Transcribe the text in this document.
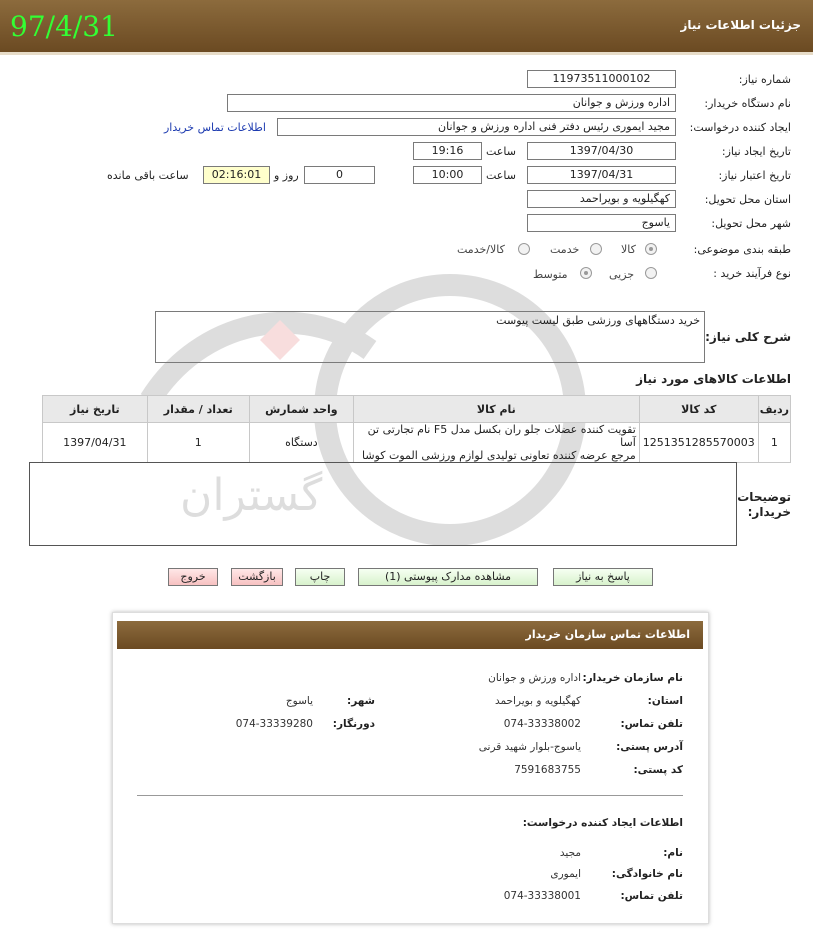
جزئیات اطلاعات نیاز
97/4/31
گستران
شماره نیاز:
11973511000102
نام دستگاه خریدار:
اداره ورزش و جوانان
ایجاد کننده درخواست:
مجید ایموری رئیس دفتر فنی اداره ورزش و جوانان
اطلاعات تماس خریدار
تاریخ ایجاد نیاز:
1397/04/30
ساعت
19:16
تاریخ اعتبار نیاز:
1397/04/31
ساعت
10:00
0
روز و
02:16:01
ساعت باقی مانده
استان محل تحویل:
کهگیلویه و بویراحمد
شهر محل تحویل:
یاسوج
طبقه بندی موضوعی:
کالا
خدمت
کالا/خدمت
نوع فرآیند خرید :
جزیی
متوسط
شرح کلی نیاز:
خرید دستگاههای ورزشی طبق لیست پیوست
اطلاعات کالاهای مورد نیاز
ردیف	کد کالا	نام کالا	واحد شمارش	تعداد / مقدار	تاریخ نیاز
1	1251351285570003	تقویت کننده عضلات جلو ران بکسل مدل F5 نام تجارتی تن آسا
مرجع عرضه کننده تعاونی تولیدی لوازم ورزشی الموت کوشا	دستگاه	1	1397/04/31
توضیحات
خریدار:
پاسخ به نیاز
مشاهده مدارک پیوستی (1)
چاپ
بازگشت
خروج
اطلاعات تماس سازمان خریدار
نام سازمان خریدار:
اداره ورزش و جوانان
استان:
کهگیلویه و بویراحمد
شهر:
یاسوج
تلفن تماس:
074-33338002
دورنگار:
074-33339280
آدرس پستی:
یاسوج-بلوار شهید قرنی
کد پستی:
7591683755
اطلاعات ایجاد کننده درخواست:
نام:
مجید
نام خانوادگی:
ایموری
تلفن تماس:
074-33338001
